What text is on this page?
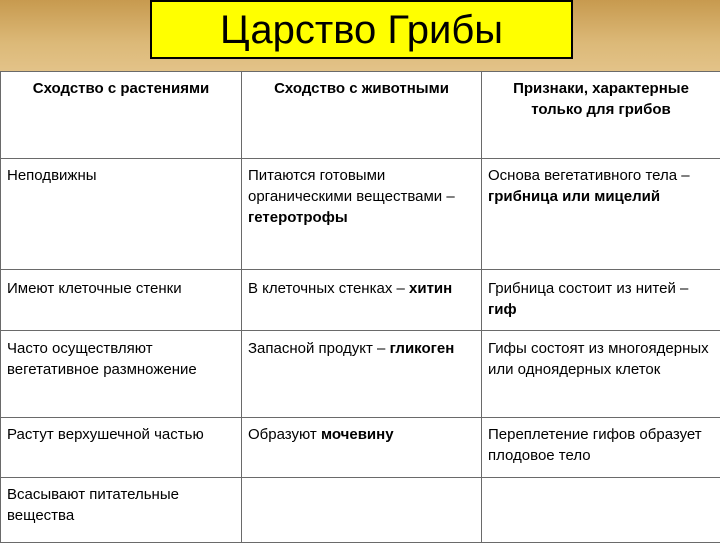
Царство Грибы
Сходство с растениями	Сходство с животными	Признаки, характерные только для грибов
Неподвижны	Питаются готовыми органическими веществами – гетеротрофы	Основа вегетативного тела – грибница или мицелий
Имеют клеточные стенки	В клеточных стенках – хитин	Грибница состоит из нитей – гиф
Часто осуществляют вегетативное размножение	Запасной продукт – гликоген	Гифы состоят из многоядерных или одноядерных клеток
Растут верхушечной частью	Образуют мочевину	Переплетение гифов образует плодовое тело
Всасывают питательные вещества		
